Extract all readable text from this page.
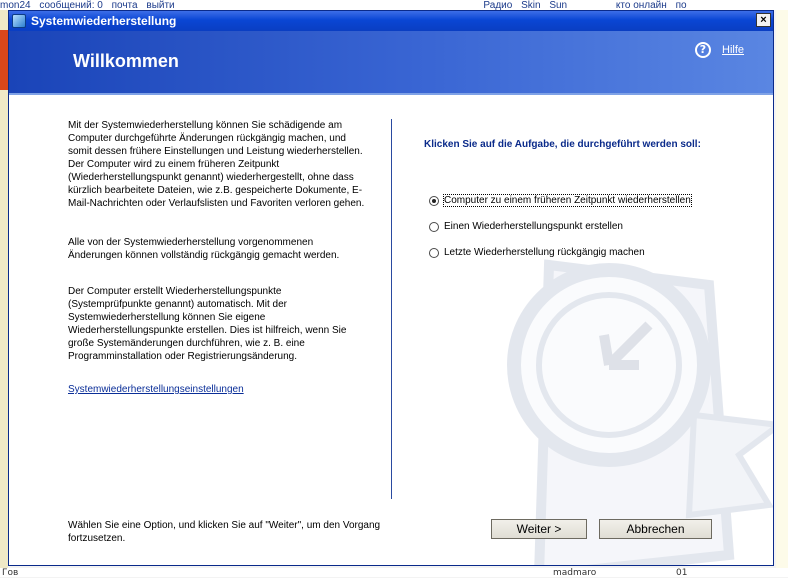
mon24 сообщений: 0 почта выйти	Радио Skin Sun	кто онлайн по
Гов	madmaro	01
Systemwiederherstellung	×
Willkommen
?	Hilfe
Mit der Systemwiederherstellung können Sie schädigende am Computer durchgeführte Änderungen rückgängig machen, und somit dessen frühere Einstellungen und Leistung wiederherstellen. Der Computer wird zu einem früheren Zeitpunkt (Wiederherstellungspunkt genannt) wiederhergestellt, ohne dass kürzlich bearbeitete Dateien, wie z.B. gespeicherte Dokumente, E-Mail-Nachrichten oder Verlaufslisten und Favoriten verloren gehen.
Alle von der Systemwiederherstellung vorgenommenen Änderungen können vollständig rückgängig gemacht werden.
Der Computer erstellt Wiederherstellungspunkte (Systemprüfpunkte genannt) automatisch. Mit der Systemwiederherstellung können Sie eigene Wiederherstellungspunkte erstellen. Dies ist hilfreich, wenn Sie große Systemänderungen durchführen, wie z. B. eine Programminstallation oder Registrierungsänderung.
Systemwiederherstellungseinstellungen
Wählen Sie eine Option, und klicken Sie auf "Weiter", um den Vorgang fortzusetzen.
Klicken Sie auf die Aufgabe, die durchgeführt werden soll:
Computer zu einem früheren Zeitpunkt wiederherstellen
Einen Wiederherstellungspunkt erstellen
Letzte Wiederherstellung rückgängig machen
Weiter >	Abbrechen
